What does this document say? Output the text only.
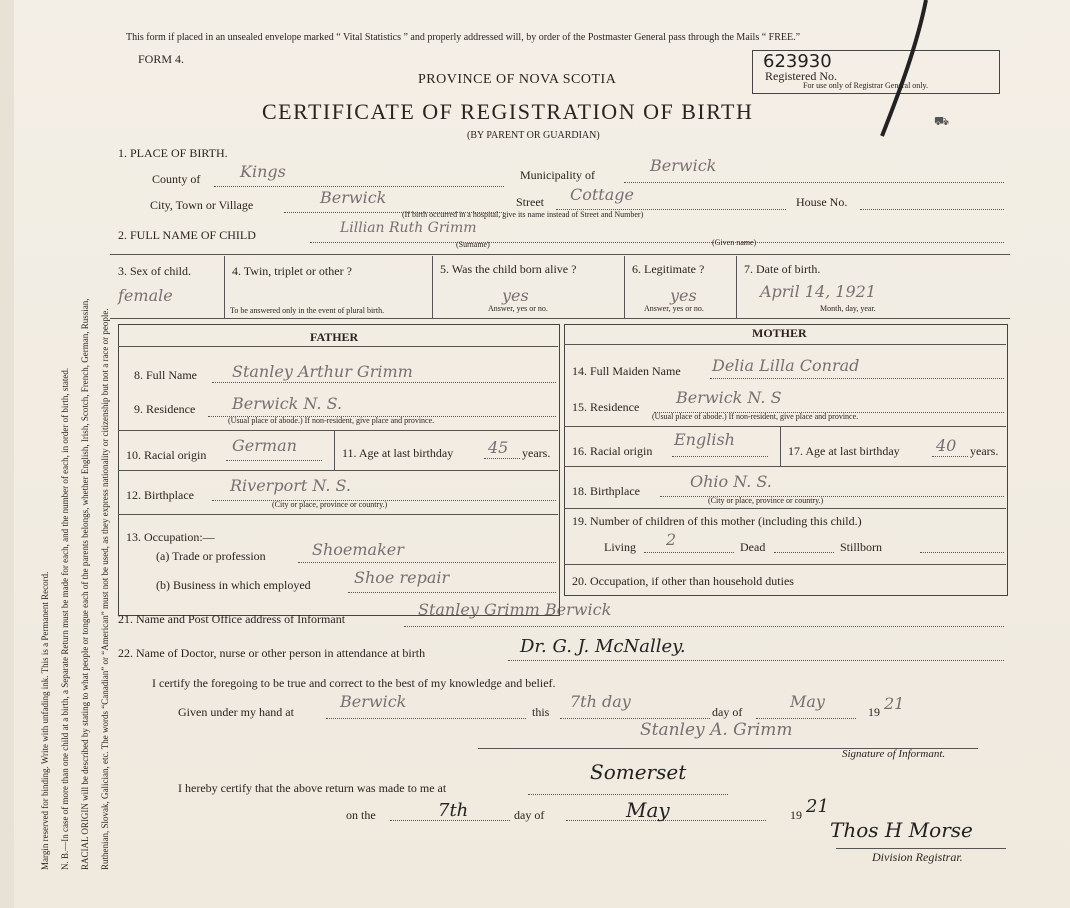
Margin reserved for binding. Write with unfading ink. This is a Permanent Record. N. B.—In case of more than one child at a birth, a Separate Return must be made for each, and the number of each, in order of birth, stated. RACIAL ORIGIN will be described by stating to what people or tongue each of the parents belongs, whether English, Irish, Scotch, French, German, Russian, Ruthenian, Slovak, Galician, etc. The words “Canadian” or “American” must not be used, as they express nationality or citizenship but not a race or people.
This form if placed in an unsealed envelope marked “ Vital Statistics ” and properly addressed will, by order of the Postmaster General pass through the Mails “ FREE.”
FORM 4.	623930
Registered No.
For use only of Registrar General only.
PROVINCE OF NOVA SCOTIA
CERTIFICATE OF REGISTRATION OF BIRTH
(BY PARENT OR GUARDIAN)
⛟
1. PLACE OF BIRTH.
County of Kings	Municipality of	Berwick
City, Town or Village	Berwick	Street Cottage	House No.
(If birth occurred in a hospital, give its name instead of Street and Number)
2. FULL NAME OF CHILD	Lillian Ruth Grimm
(Surname)	(Given name)
3. Sex of child.
female
4. Twin, triplet or other ?
To be answered only in the event of plural birth.
5. Was the child born alive ?
yes
Answer, yes or no.
6. Legitimate ?
yes
Answer, yes or no.
7. Date of birth.
April 14, 1921
Month, day, year.
FATHER
8. Full Name Stanley Arthur Grimm
9. Residence Berwick N. S.
(Usual place of abode.) If non-resident, give place and province.
10. Racial origin German	11. Age at last birthday 45 years.
12. Birthplace Riverport N. S.
(City or place, province or country.)
13. Occupation:—
(a) Trade or profession	Shoemaker
(b) Business in which employed	Shoe repair
MOTHER
14. Full Maiden Name Delia Lilla Conrad
15. Residence Berwick N. S
(Usual place of abode.) If non-resident, give place and province.
16. Racial origin
English
17. Age at last birthday 40 years.
18. Birthplace	Ohio N. S.
(City or place, province or country.)
19. Number of children of this mother (including this child.)
Living 2	Dead	Stillborn
20. Occupation, if other than household duties
21. Name and Post Office address of Informant	Stanley Grimm Berwick
22. Name of Doctor, nurse or other person in attendance at birth	Dr. G. J. McNalley.
I certify the foregoing to be true and correct to the best of my knowledge and belief.
Given under my hand at
Berwick
this
7th day
day of
May
19 21
Stanley A. Grimm
Signature of Informant.
I hereby certify that the above return was made to me at
Somerset
on the	7th	day of	May	19 21
Thos H Morse
Division Registrar.
